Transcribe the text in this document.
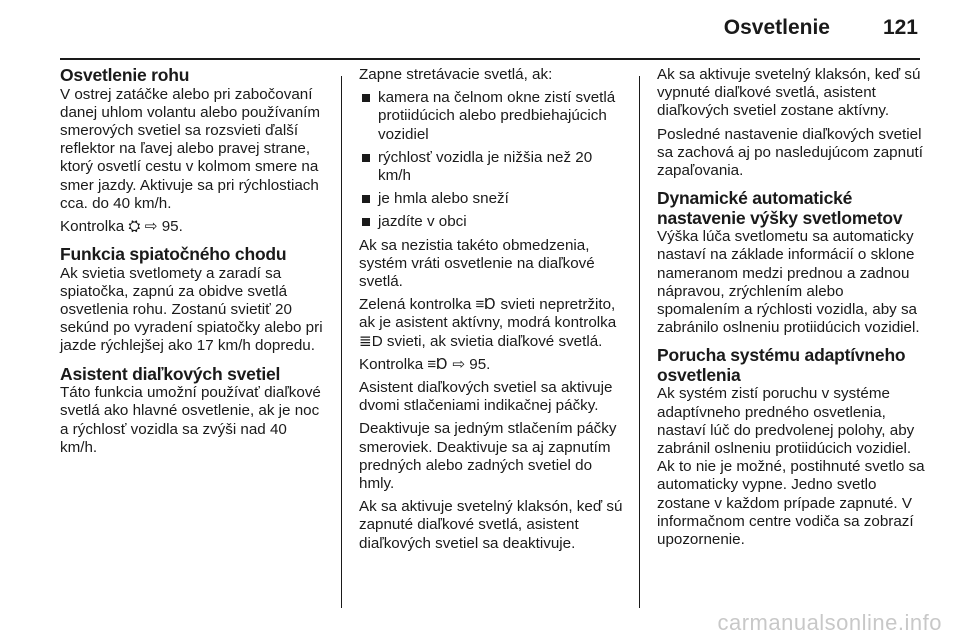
Osvetlenie	121
Osvetlenie rohu

V ostrej zatáčke alebo pri zabočovaní danej uhlom volantu alebo používaním smerových svetiel sa rozsvieti ďalší reflektor na ľavej alebo pravej strane, ktorý osvetlí cestu v kolmom smere na smer jazdy. Aktivuje sa pri rýchlostiach cca. do 40 km/h.

Kontrolka ⛭ ⇨ 95.

Funkcia spiatočného chodu

Ak svietia svetlomety a zaradí sa spiatočka, zapnú za obidve svetlá osvetlenia rohu. Zostanú svietiť 20 sekúnd po vyradení spiatočky alebo pri jazde rýchlejšej ako 17 km/h dopredu.

Asistent diaľkových svetiel

Táto funkcia umožní používať diaľkové svetlá ako hlavné osvetlenie, ak je noc a rýchlosť vozidla sa zvýši nad 40 km/h.

Zapne stretávacie svetlá, ak:

kamera na čelnom okne zistí svetlá protiidúcich alebo predbiehajúcich vozidiel
rýchlosť vozidla je nižšia než 20 km/h
je hmla alebo sneží
jazdíte v obci

Ak sa nezistia takéto obmedzenia, systém vráti osvetlenie na diaľkové svetlá.

Zelená kontrolka ≡Ɒ svieti nepretržito, ak je asistent aktívny, modrá kontrolka ≣D svieti, ak svietia diaľkové svetlá.

Kontrolka ≡Ɒ ⇨ 95.

Asistent diaľkových svetiel sa aktivuje dvomi stlačeniami indikačnej páčky.

Deaktivuje sa jedným stlačením páčky smeroviek. Deaktivuje sa aj zapnutím predných alebo zadných svetiel do hmly.

Ak sa aktivuje svetelný klaksón, keď sú zapnuté diaľkové svetlá, asistent diaľkových svetiel sa deaktivuje.

Ak sa aktivuje svetelný klaksón, keď sú vypnuté diaľkové svetlá, asistent diaľkových svetiel zostane aktívny.

Posledné nastavenie diaľkových svetiel sa zachová aj po nasledujúcom zapnutí zapaľovania.

Dynamické automatické nastavenie výšky svetlometov

Výška lúča svetlometu sa automaticky nastaví na základe informácií o sklone nameranom medzi prednou a zadnou nápravou, zrýchlením alebo spomalením a rýchlosti vozidla, aby sa zabránilo oslneniu protiidúcich vozidiel.

Porucha systému adaptívneho osvetlenia

Ak systém zistí poruchu v systéme adaptívneho predného osvetlenia, nastaví lúč do predvolenej polohy, aby zabránil oslneniu protiidúcich vozidiel. Ak to nie je možné, postihnuté svetlo sa automaticky vypne. Jedno svetlo zostane v každom prípade zapnuté. V informačnom centre vodiča sa zobrazí upozornenie.

carmanualsonline.info
